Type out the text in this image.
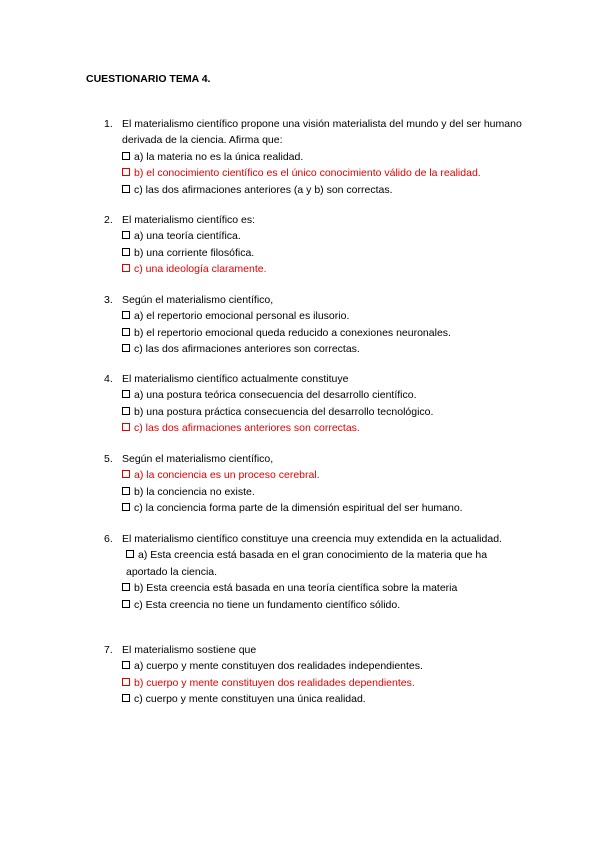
CUESTIONARIO TEMA 4.
1. El materialismo científico propone una visión materialista del mundo y del ser humano derivada de la ciencia. Afirma que:
a) la materia no es la única realidad.
b) el conocimiento científico es el único conocimiento válido de la realidad.
c) las dos afirmaciones anteriores (a y b) son correctas.
2. El materialismo científico es:
a) una teoría científica.
b) una corriente filosófica.
c) una ideología claramente.
3. Según el materialismo científico,
a) el repertorio emocional personal es ilusorio.
b) el repertorio emocional queda reducido a conexiones neuronales.
c) las dos afirmaciones anteriores son correctas.
4. El materialismo científico actualmente constituye
a) una postura teórica consecuencia del desarrollo científico.
b) una postura práctica consecuencia del desarrollo tecnológico.
c) las dos afirmaciones anteriores son correctas.
5. Según el materialismo científico,
a) la conciencia es un proceso cerebral.
b) la conciencia no existe.
c) la conciencia forma parte de la dimensión espiritual del ser humano.
6. El materialismo científico constituye una creencia muy extendida en la actualidad.
a) Esta creencia está basada en el gran conocimiento de la materia que ha aportado la ciencia.
b) Esta creencia está basada en una teoría científica sobre la materia
c) Esta creencia no tiene un fundamento científico sólido.
7. El materialismo sostiene que
a) cuerpo y mente constituyen dos realidades independientes.
b) cuerpo y mente constituyen dos realidades dependientes.
c) cuerpo y mente constituyen una única realidad.
